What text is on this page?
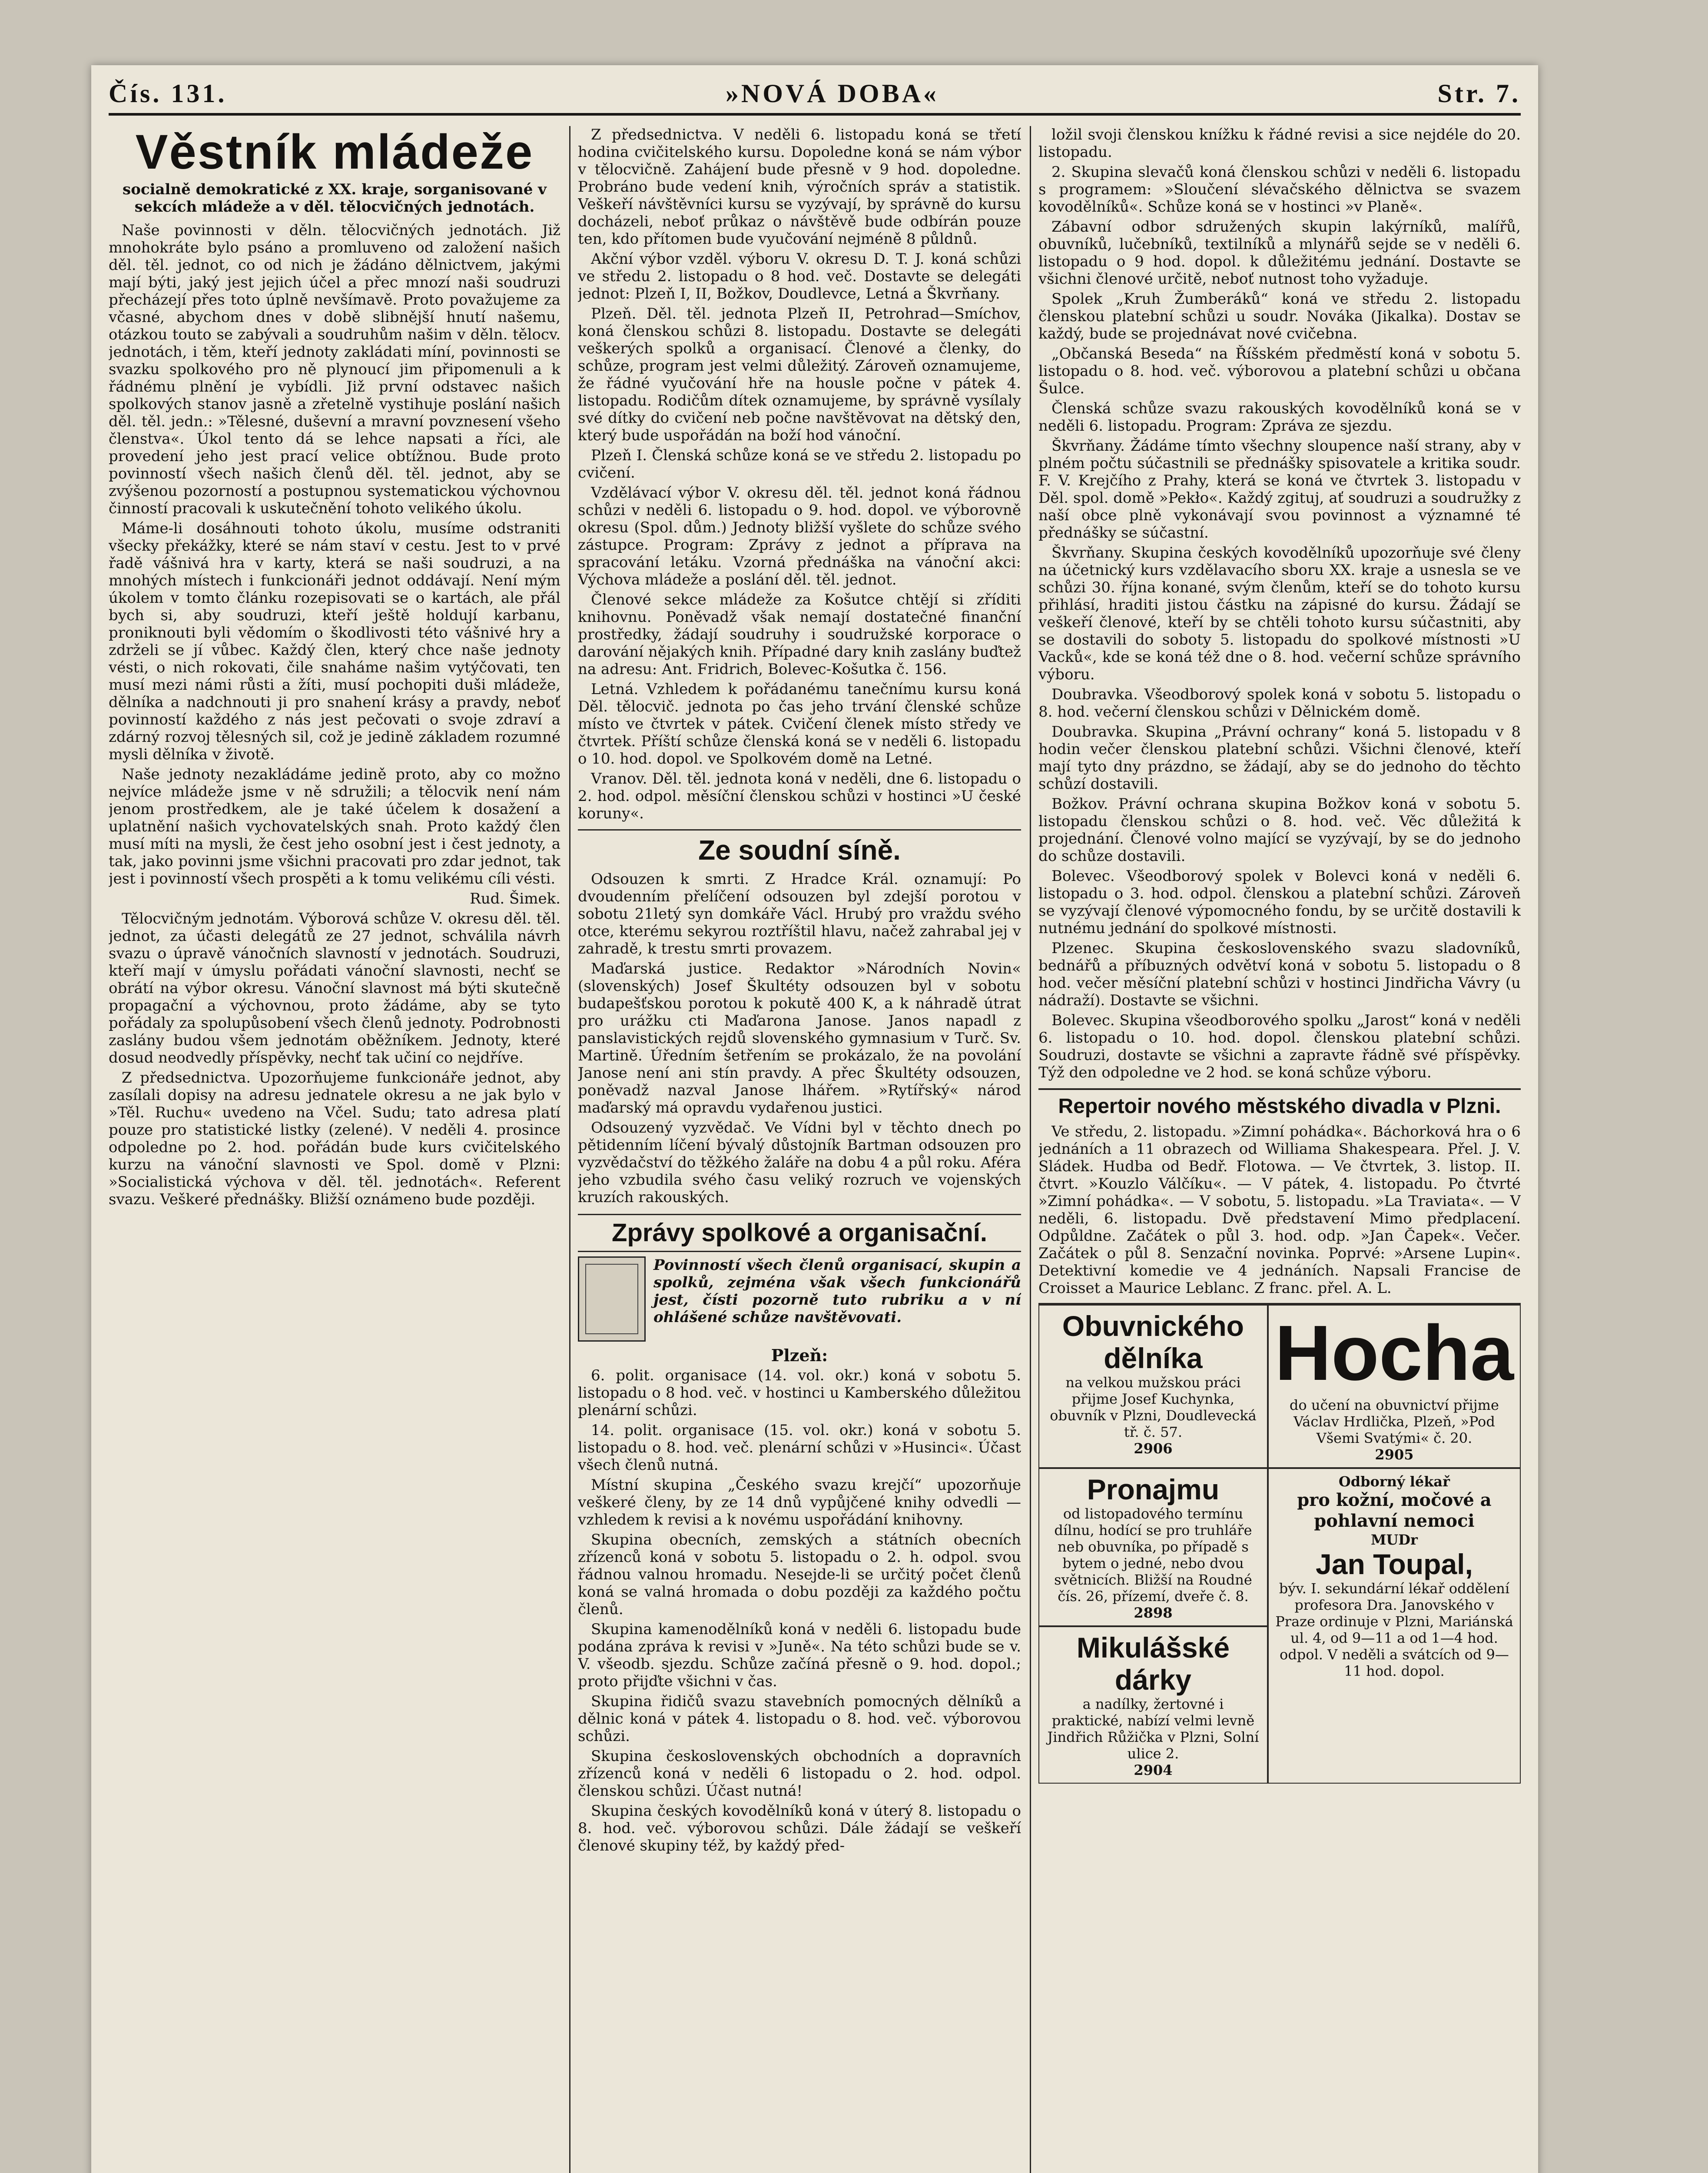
Čís. 131.	»NOVÁ DOBA«	Str. 7.
Věstník mládeže
socialně demokratické z XX. kraje, sorganisované v sekcích mládeže a v děl. tělocvičných jednotách.

Naše povinnosti v děln. tělocvičných jednotách. Již mnohokráte bylo psáno a promluveno od založení našich děl. těl. jednot, co od nich je žádáno dělnictvem, jakými mají býti, jaký jest jejich účel a přec mnozí naši soudruzi přecházejí přes toto úplně nevšímavě. Proto považujeme za včasné, abychom dnes v době slibnější hnutí našemu, otázkou touto se zabývali a soudruhům našim v děln. tělocv. jednotách, i těm, kteří jednoty zakládati míní, povinnosti se svazku spolkového pro ně plynoucí jim připomenuli a k řádnému plnění je vybídli. Již první odstavec našich spolkových stanov jasně a zřetelně vystihuje poslání našich děl. těl. jedn.: »Tělesné, duševní a mravní povznesení všeho členstva«. Úkol tento dá se lehce napsati a říci, ale provedení jeho jest prací velice obtížnou. Bude proto povinností všech našich členů děl. těl. jednot, aby se zvýšenou pozorností a postupnou systematickou výchovnou činností pracovali k uskutečnění tohoto velikého úkolu.

Máme-li dosáhnouti tohoto úkolu, musíme odstraniti všecky překážky, které se nám staví v cestu. Jest to v prvé řadě vášnivá hra v karty, která se naši soudruzi, a na mnohých místech i funkcionáři jednot oddávají. Není mým úkolem v tomto článku rozepisovati se o kartách, ale přál bych si, aby soudruzi, kteří ještě holdují karbanu, proniknouti byli vědomím o škodlivosti této vášnivé hry a zdrželi se jí vůbec. Každý člen, který chce naše jednoty vésti, o nich rokovati, čile snaháme našim vytýčovati, ten musí mezi námi růsti a žíti, musí pochopiti duši mládeže, dělníka a nadchnouti ji pro snahení krásy a pravdy, neboť povinností každého z nás jest pečovati o svoje zdraví a zdárný rozvoj tělesných sil, což je jedině základem rozumné mysli dělníka v životě.

Naše jednoty nezakládáme jedině proto, aby co možno nejvíce mládeže jsme v ně sdružili; a tělocvik není nám jenom prostředkem, ale je také účelem k dosažení a uplatnění našich vychovatelských snah. Proto každý člen musí míti na mysli, že čest jeho osobní jest i čest jednoty, a tak, jako povinni jsme všichni pracovati pro zdar jednot, tak jest i povinností všech prospěti a k tomu velikému cíli vésti.

Rud. Šimek.

Tělocvičným jednotám. Výborová schůze V. okresu děl. těl. jednot, za účasti delegátů ze 27 jednot, schválila návrh svazu o úpravě vánočních slavností v jednotách. Soudruzi, kteří mají v úmyslu pořádati vánoční slavnosti, nechť se obrátí na výbor okresu. Vánoční slavnost má býti skutečně propagační a výchovnou, proto žádáme, aby se tyto pořádaly za spolupůsobení všech členů jednoty. Podrobnosti zaslány budou všem jednotám oběžníkem. Jednoty, které dosud neodvedly příspěvky, nechť tak učiní co nejdříve.

Z předsednictva. Upozorňujeme funkcionáře jednot, aby zasílali dopisy na adresu jednatele okresu a ne jak bylo v »Těl. Ruchu« uvedeno na Včel. Sudu; tato adresa platí pouze pro statistické listky (zelené). V neděli 4. prosince odpoledne po 2. hod. pořádán bude kurs cvičitelského kurzu na vánoční slavnosti ve Spol. domě v Plzni: »Socialistická výchova v děl. těl. jednotách«. Referent svazu. Veškeré přednášky. Bližší oznámeno bude později.

Z předsednictva. V neděli 6. listopadu koná se třetí hodina cvičitelského kursu. Dopoledne koná se nám výbor v tělocvičně. Zahájení bude přesně v 9 hod. dopoledne. Probráno bude vedení knih, výročních správ a statistik. Veškeří návštěvníci kursu se vyzývají, by správně do kursu docházeli, neboť průkaz o návštěvě bude odbírán pouze ten, kdo přítomen bude vyučování nejméně 8 půldnů.

Akční výbor vzděl. výboru V. okresu D. T. J. koná schůzi ve středu 2. listopadu o 8 hod. več. Dostavte se delegáti jednot: Plzeň I, II, Božkov, Doudlevce, Letná a Škvrňany.

Plzeň. Děl. těl. jednota Plzeň II, Petrohrad—Smíchov, koná členskou schůzi 8. listopadu. Dostavte se delegáti veškerých spolků a organisací. Členové a členky, do schůze, program jest velmi důležitý. Zároveň oznamujeme, že řádné vyučování hře na housle počne v pátek 4. listopadu. Rodičům dítek oznamujeme, by správně vysílaly své dítky do cvičení neb počne navštěvovat na dětský den, který bude uspořádán na boží hod vánoční.

Plzeň I. Členská schůze koná se ve středu 2. listopadu po cvičení.

Vzdělávací výbor V. okresu děl. těl. jednot koná řádnou schůzi v neděli 6. listopadu o 9. hod. dopol. ve výborovně okresu (Spol. dům.) Jednoty bližší vyšlete do schůze svého zástupce. Program: Zprávy z jednot a příprava na spracování letáku. Vzorná přednáška na vánoční akci: Výchova mládeže a poslání děl. těl. jednot.

Členové sekce mládeže za Košutce chtějí si zříditi knihovnu. Poněvadž však nemají dostatečné finanční prostředky, žádají soudruhy i soudružské korporace o darování nějakých knih. Případné dary knih zaslány buďtež na adresu: Ant. Fridrich, Bolevec-Košutka č. 156.

Letná. Vzhledem k pořádanému tanečnímu kursu koná Děl. tělocvič. jednota po čas jeho trvání členské schůze místo ve čtvrtek v pátek. Cvičení členek místo středy ve čtvrtek. Příští schůze členská koná se v neděli 6. listopadu o 10. hod. dopol. ve Spolkovém domě na Letné.

Vranov. Děl. těl. jednota koná v neděli, dne 6. listopadu o 2. hod. odpol. měsíční členskou schůzi v hostinci »U české koruny«.

Ze soudní síně.

Odsouzen k smrti. Z Hradce Král. oznamují: Po dvoudenním přelíčení odsouzen byl zdejší porotou v sobotu 21letý syn domkáře Václ. Hrubý pro vraždu svého otce, kterému sekyrou roztříštil hlavu, načež zahrabal jej v zahradě, k trestu smrti provazem.

Maďarská justice. Redaktor »Národních Novin« (slovenských) Josef Škultéty odsouzen byl v sobotu budapešťskou porotou k pokutě 400 K, a k náhradě útrat pro urážku cti Maďarona Janose. Janos napadl z panslavistických rejdů slovenského gymnasium v Turč. Sv. Martině. Úředním šetřením se prokázalo, že na povolání Janose není ani stín pravdy. A přec Škultéty odsouzen, poněvadž nazval Janose lhářem. »Rytířský« národ maďarský má opravdu vydařenou justici.

Odsouzený vyzvědač. Ve Vídni byl v těchto dnech po pětidenním líčení bývalý důstojník Bartman odsouzen pro vyzvědačství do těžkého žaláře na dobu 4 a půl roku. Aféra jeho vzbudila svého času veliký rozruch ve vojenských kruzích rakouských.

Zprávy spolkové a organisační.
Povinností všech členů organisací, skupin a spolků, zejména však všech funkcionářů jest, čísti pozorně tuto rubriku a v ní ohlášené schůze navštěvovati.
Plzeň:

6. polit. organisace (14. vol. okr.) koná v sobotu 5. listopadu o 8 hod. več. v hostinci u Kamberského důležitou plenární schůzi.

14. polit. organisace (15. vol. okr.) koná v sobotu 5. listopadu o 8. hod. več. plenární schůzi v »Husinci«. Účast všech členů nutná.

Místní skupina „Českého svazu krejčí“ upozorňuje veškeré členy, by ze 14 dnů vypůjčené knihy odvedli — vzhledem k revisi a k novému uspořádání knihovny.

Skupina obecních, zemských a státních obecních zřízenců koná v sobotu 5. listopadu o 2. h. odpol. svou řádnou valnou hromadu. Nesejde-li se určitý počet členů koná se valná hromada o dobu později za každého počtu členů.

Skupina kamenodělníků koná v neděli 6. listopadu bude podána zpráva k revisi v »Juně«. Na této schůzi bude se v. V. všeodb. sjezdu. Schůze začíná přesně o 9. hod. dopol.; proto přijďte všichni v čas.

Skupina řidičů svazu stavebních pomocných dělníků a dělnic koná v pátek 4. listopadu o 8. hod. več. výborovou schůzi.

Skupina československých obchodních a dopravních zřízenců koná v neděli 6 listopadu o 2. hod. odpol. členskou schůzi. Účast nutná!

Skupina českých kovodělníků koná v úterý 8. listopadu o 8. hod. več. výborovou schůzi. Dále žádají se veškeří členové skupiny též, by každý před-

ložil svoji členskou knížku k řádné revisi a sice nejdéle do 20. listopadu.

2. Skupina slevačů koná členskou schůzi v neděli 6. listopadu s programem: »Sloučení slévačského dělnictva se svazem kovodělníků«. Schůze koná se v hostinci »v Planě«.

Zábavní odbor sdružených skupin lakýrníků, malířů, obuvníků, lučebníků, textilníků a mlynářů sejde se v neděli 6. listopadu o 9 hod. dopol. k důležitému jednání. Dostavte se všichni členové určitě, neboť nutnost toho vyžaduje.

Spolek „Kruh Žumberáků“ koná ve středu 2. listopadu členskou platební schůzi u soudr. Nováka (Jikalka). Dostav se každý, bude se projednávat nové cvičebna.

„Občanská Beseda“ na Říšském předměstí koná v sobotu 5. listopadu o 8. hod. več. výborovou a platební schůzi u občana Šulce.

Členská schůze svazu rakouských kovodělníků koná se v neděli 6. listopadu. Program: Zpráva ze sjezdu.

Škvrňany. Žádáme tímto všechny sloupence naší strany, aby v plném počtu súčastnili se přednášky spisovatele a kritika soudr. F. V. Krejčího z Prahy, která se koná ve čtvrtek 3. listopadu v Děl. spol. domě »Pekło«. Každý zgituj, ať soudruzi a soudružky z naší obce plně vykonávají svou povinnost a významné té přednášky se súčastní.

Škvrňany. Skupina českých kovodělníků upozorňuje své členy na účetnický kurs vzdělavacího sboru XX. kraje a usnesla se ve schůzi 30. října konané, svým členům, kteří se do tohoto kursu přihlásí, hraditi jistou částku na zápisné do kursu. Žádají se veškeří členové, kteří by se chtěli tohoto kursu súčastniti, aby se dostavili do soboty 5. listopadu do spolkové místnosti »U Vacků«, kde se koná též dne o 8. hod. večerní schůze správního výboru.

Doubravka. Všeodborový spolek koná v sobotu 5. listopadu o 8. hod. večerní členskou schůzi v Dělnickém domě.

Doubravka. Skupina „Právní ochrany“ koná 5. listopadu v 8 hodin večer členskou platební schůzi. Všichni členové, kteří mají tyto dny prázdno, se žádají, aby se do jednoho do těchto schůzí dostavili.

Božkov. Právní ochrana skupina Božkov koná v sobotu 5. listopadu členskou schůzi o 8. hod. več. Věc důležitá k projednání. Členové volno mající se vyzývají, by se do jednoho do schůze dostavili.

Bolevec. Všeodborový spolek v Bolevci koná v neděli 6. listopadu o 3. hod. odpol. členskou a platební schůzi. Zároveň se vyzývají členové výpomocného fondu, by se určitě dostavili k nutnému jednání do spolkové místnosti.

Plzenec. Skupina československého svazu sladovníků, bednářů a příbuzných odvětví koná v sobotu 5. listopadu o 8 hod. večer měsíční platební schůzi v hostinci Jindřicha Vávry (u nádraží). Dostavte se všichni.

Bolevec. Skupina všeodborového spolku „Jarost“ koná v neděli 6. listopadu o 10. hod. dopol. členskou platební schůzi. Soudruzi, dostavte se všichni a zapravte řádně své příspěvky. Týž den odpoledne ve 2 hod. se koná schůze výboru.

Repertoir nového městského divadla v Plzni.

Ve středu, 2. listopadu. »Zimní pohádka«. Báchorková hra o 6 jednáních a 11 obrazech od Williama Shakespeara. Přel. J. V. Sládek. Hudba od Bedř. Flotowa. — Ve čtvrtek, 3. listop. II. čtvrt. »Kouzlo Válčíku«. — V pátek, 4. listopadu. Po čtvrté »Zimní pohádka«. — V sobotu, 5. listopadu. »La Traviata«. — V neděli, 6. listopadu. Dvě představení Mimo předplacení. Odpůldne. Začátek o půl 3. hod. odp. »Jan Čapek«. Večer. Začátek o půl 8. Senzační novinka. Poprvé: »Arsene Lupin«. Detektivní komedie ve 4 jednáních. Napsali Francise de Croisset a Maurice Leblanc. Z franc. přel. A. L.

Obuvnického
dělníka
na velkou mužskou práci přijme Josef Kuchynka, obuvník v Plzni, Doudlevecká tř. č. 57.
2906
Hocha
do učení na obuvnictví přijme Václav Hrdlička, Plzeň, »Pod Všemi Svatými« č. 20.
2905
Pronajmu
od listopadového termínu dílnu, hodící se pro truhláře neb obuvníka, po případě s bytem o jedné, nebo dvou světnicích. Bližší na Roudné čís. 26, přízemí, dveře č. 8.
2898
Odborný lékař
pro kožní, močové a pohlavní nemoci
MUDr
Jan Toupal,
býv. I. sekundární lékař oddělení profesora Dra. Janovského v Praze ordinuje v Plzni, Mariánská ul. 4, od 9—11 a od 1—4 hod. odpol. V neděli a svátcích od 9—11 hod. dopol.
Mikulášské
dárky
a nadílky, žertovné i praktické, nabízí velmi levně Jindřich Růžička v Plzni, Solní ulice 2.
2904
